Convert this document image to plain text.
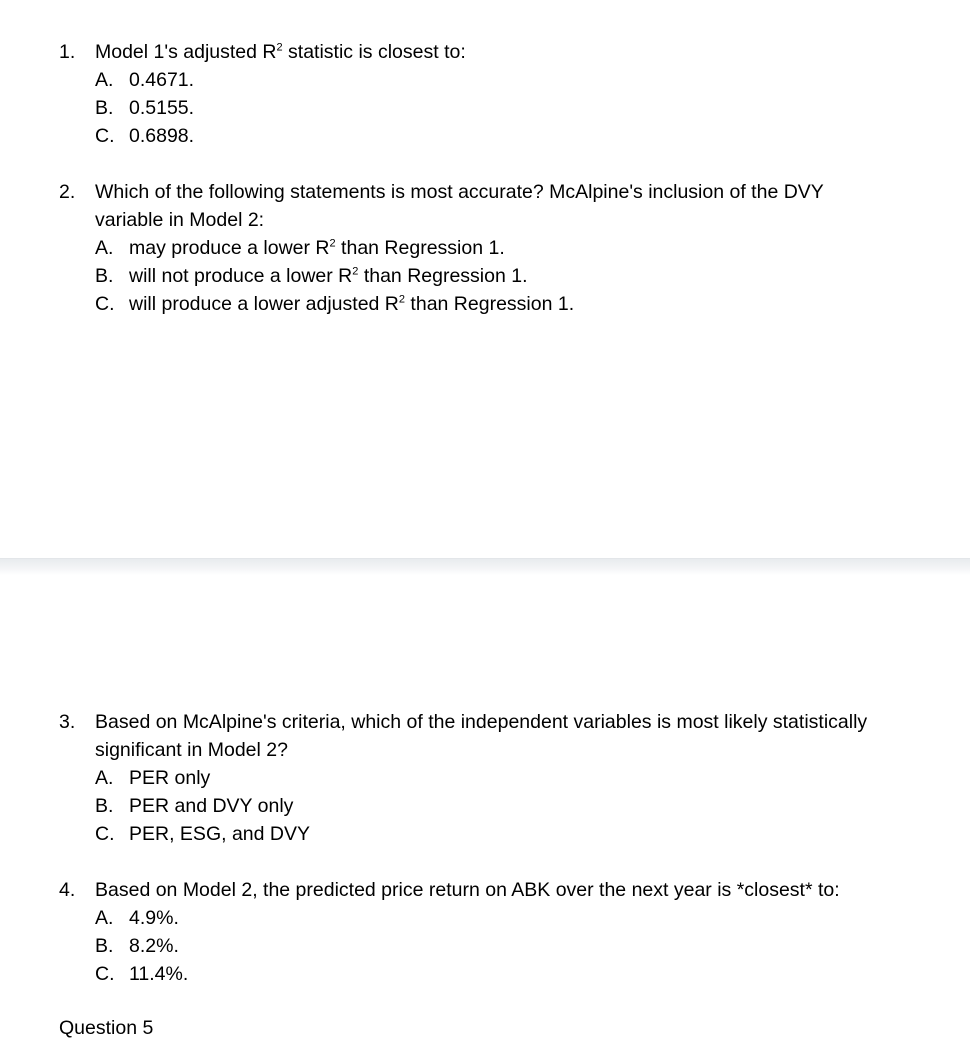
1.	Model 1's adjusted $R^2$ statistic is closest to:
A. 0.4671.
B. 0.5155.
C. 0.6898.
2.	Which of the following statements is most accurate? McAlpine's inclusion of the DVY variable in Model 2:
A. may produce a lower $R^2$ than Regression 1.
B. will not produce a lower $R^2$ than Regression 1.
C. will produce a lower adjusted $R^2$ than Regression 1.
3.	Based on McAlpine's criteria, which of the independent variables is most likely statistically significant in Model 2?
A. PER only
B. PER and DVY only
C. PER, ESG, and DVY
4.	Based on Model 2, the predicted price return on ABK over the next year is *closest* to:
A. 4.9%.
B. 8.2%.
C. 11.4%.
Question 5
